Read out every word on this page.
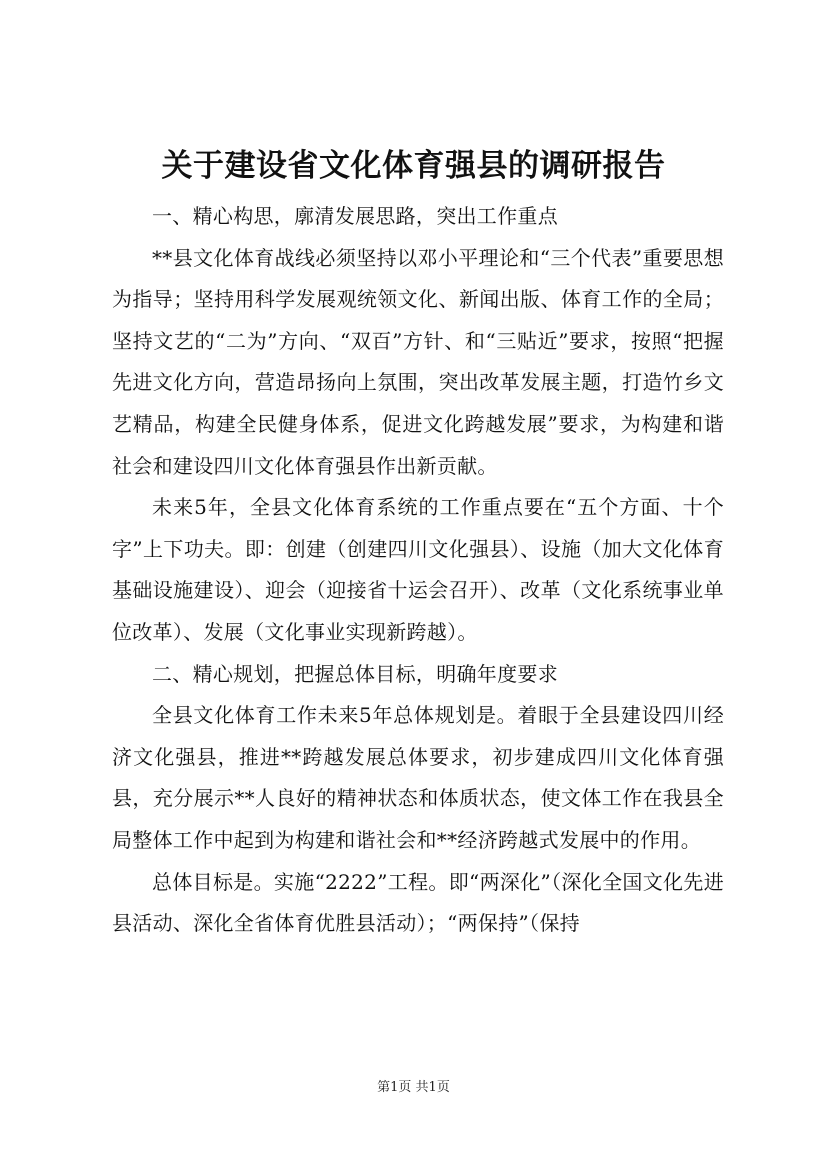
关于建设省文化体育强县的调研报告

一、精心构思，廓清发展思路，突出工作重点

**县文化体育战线必须坚持以邓小平理论和“三个代表”重要思想为指导；坚持用科学发展观统领文化、新闻出版、体育工作的全局；坚持文艺的“二为”方向、“双百”方针、和“三贴近”要求，按照“把握先进文化方向，营造昂扬向上氛围，突出改革发展主题，打造竹乡文艺精品，构建全民健身体系，促进文化跨越发展”要求，为构建和谐社会和建设四川文化体育强县作出新贡献。

未来5年，全县文化体育系统的工作重点要在“五个方面、十个字”上下功夫。即：创建（创建四川文化强县）、设施（加大文化体育基础设施建设）、迎会（迎接省十运会召开）、改革（文化系统事业单位改革）、发展（文化事业实现新跨越）。

二、精心规划，把握总体目标，明确年度要求

全县文化体育工作未来5年总体规划是。着眼于全县建设四川经济文化强县，推进**跨越发展总体要求，初步建成四川文化体育强县，充分展示**人良好的精神状态和体质状态，使文体工作在我县全局整体工作中起到为构建和谐社会和**经济跨越式发展中的作用。

总体目标是。实施“2222”工程。即“两深化”（深化全国文化先进县活动、深化全省体育优胜县活动）；“两保持”（保持

第1页 共1页
